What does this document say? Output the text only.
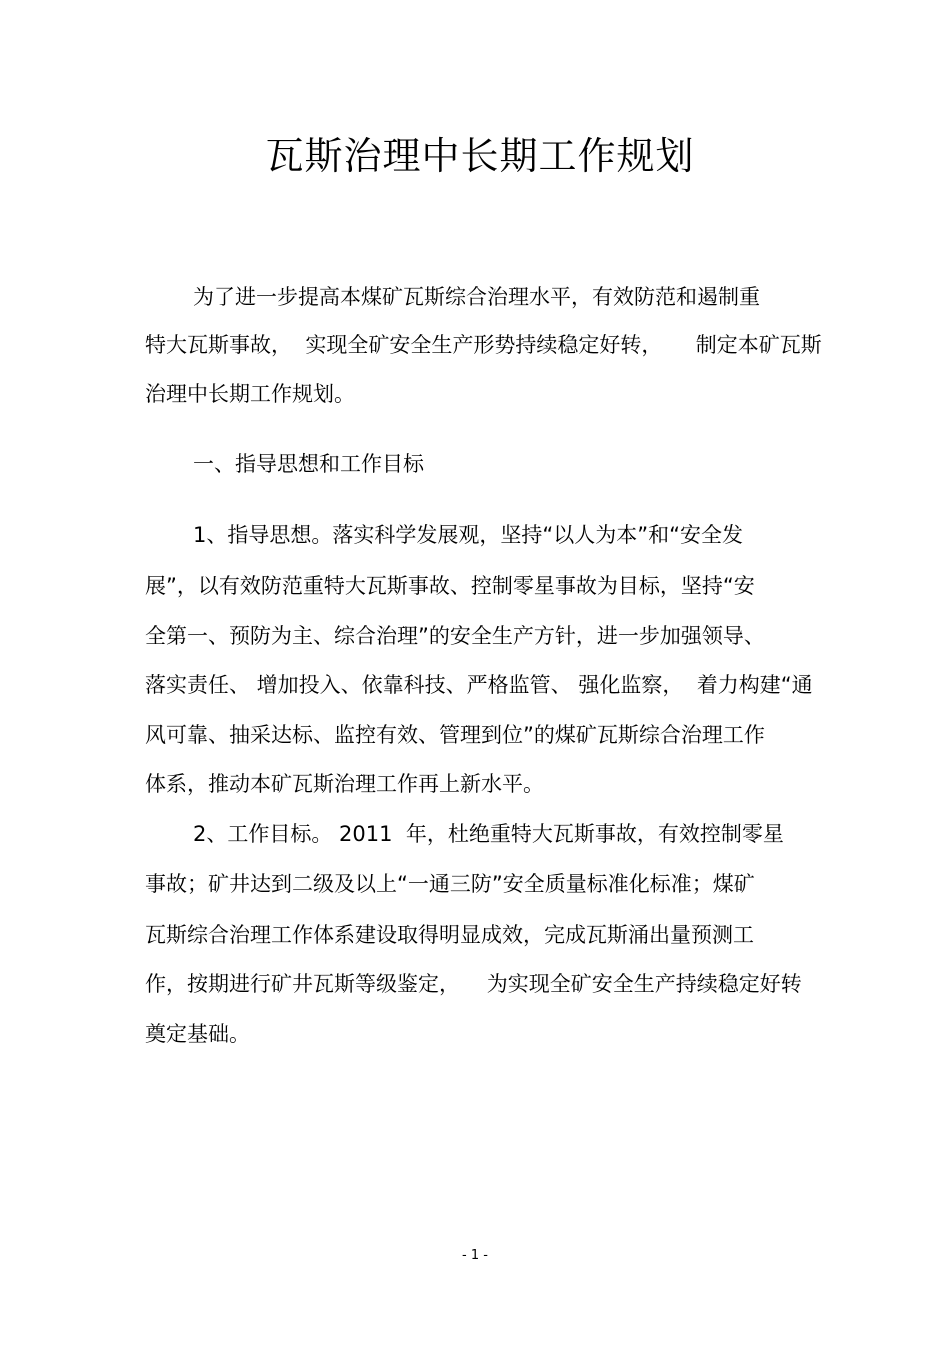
瓦斯治理中长期工作规划
为了进一步提高本煤矿瓦斯综合治理水平，有效防范和遏制重
特大瓦斯事故，  实现全矿安全生产形势持续稳定好转，     制定本矿瓦斯
治理中长期工作规划。
一、指导思想和工作目标
1、指导思想。落实科学发展观，坚持“以人为本”和“安全发
展”，以有效防范重特大瓦斯事故、控制零星事故为目标，坚持“安
全第一、预防为主、综合治理”的安全生产方针，进一步加强领导、
落实责任、 增加投入、依靠科技、严格监管、 强化监察，  着力构建“通
风可靠、抽采达标、监控有效、管理到位”的煤矿瓦斯综合治理工作
体系，推动本矿瓦斯治理工作再上新水平。
2、工作目标。 2011  年，杜绝重特大瓦斯事故，有效控制零星
事故；矿井达到二级及以上“一通三防”安全质量标准化标准；煤矿
瓦斯综合治理工作体系建设取得明显成效，完成瓦斯涌出量预测工
作，按期进行矿井瓦斯等级鉴定，    为实现全矿安全生产持续稳定好转
奠定基础。
- 1 -
